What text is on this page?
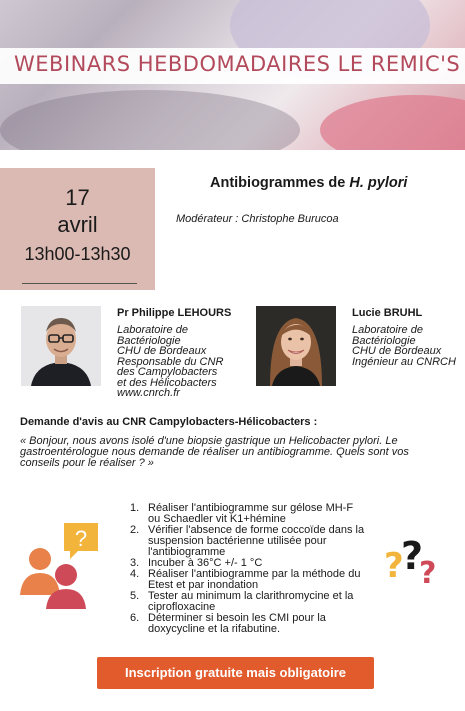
WEBINARS HEBDOMADAIRES LE REMIC'S
17
avril
13h00-13h30
Antibiogrammes de H. pylori
Modérateur : Christophe Burucoa
Pr Philippe LEHOURS
Laboratoire de
Bactériologie
CHU de Bordeaux
Responsable du CNR
des Campylobacters
et des Hélicobacters
www.cnrch.fr
Lucie BRUHL
Laboratoire de
Bactériologie
CHU de Bordeaux
Ingénieur au CNRCH
Demande d'avis au CNR Campylobacters-Hélicobacters :
« Bonjour, nous avons isolé d'une biopsie gastrique un Helicobacter pylori. Le gastroentérologue nous demande de réaliser un antibiogramme. Quels sont vos conseils pour le réaliser ? »
?
1. Réaliser l'antibiogramme sur gélose MH-F ou Schaedler vit K1+hémine
2. Vérifier l'absence de forme coccoïde dans la suspension bactérienne utilisée pour l'antibiogramme
3. Incuber à 36°C +/- 1 °C
4. Réaliser l'antibiogramme par la méthode du Etest et par inondation
5. Tester au minimum la clarithromycine et la ciprofloxacine
6. Déterminer si besoin les CMI pour la doxycycline et la rifabutine.
?
?
?
Inscription gratuite mais obligatoire
